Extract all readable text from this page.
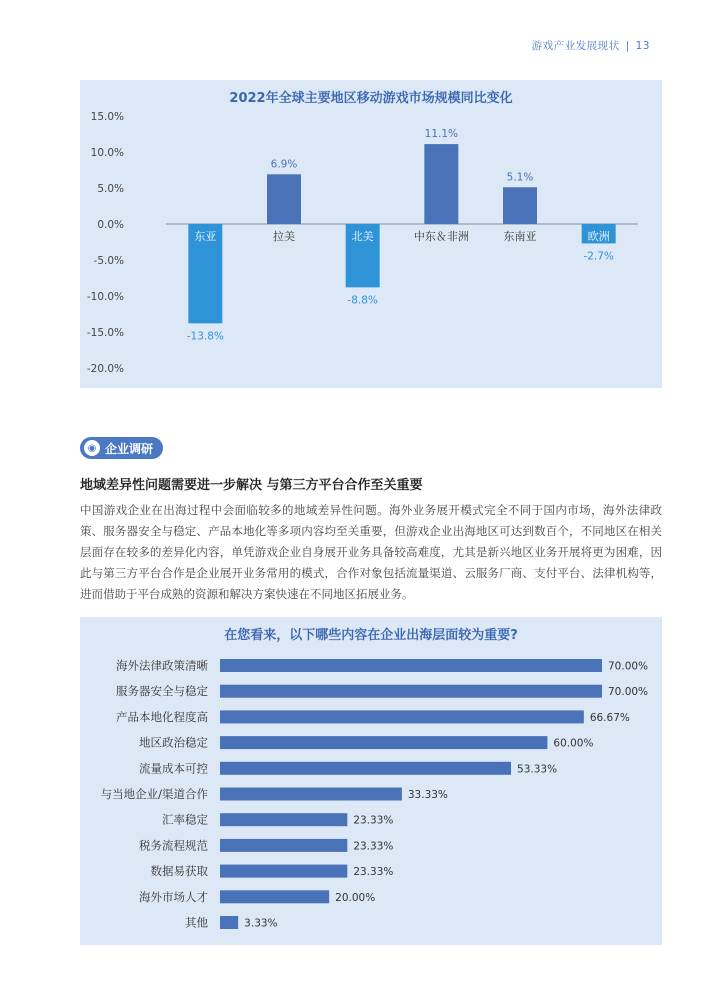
游戏产业发展现状 | 13
2022年全球主要地区移动游戏市场规模同比变化
15.0%
10.0%
5.0%
0.0%
-5.0%
-10.0%
-15.0%
-20.0%
东亚
-13.8%
拉美
6.9%
北美
-8.8%
中东＆非洲
11.1%
东南亚
5.1%
欧洲
-2.7%
◉ 企业调研
地域差异性问题需要进一步解决 与第三方平台合作至关重要

中国游戏企业在出海过程中会面临较多的地域差异性问题。海外业务展开模式完全不同于国内市场，海外法律政策、服务器安全与稳定、产品本地化等多项内容均至关重要，但游戏企业出海地区可达到数百个，不同地区在相关层面存在较多的差异化内容，单凭游戏企业自身展开业务具备较高难度，尤其是新兴地区业务开展将更为困难，因此与第三方平台合作是企业展开业务常用的模式，合作对象包括流量渠道、云服务厂商、支付平台、法律机构等，进而借助于平台成熟的资源和解决方案快速在不同地区拓展业务。

在您看来，以下哪些内容在企业出海层面较为重要?
海外法律政策清晰	70.00%
服务器安全与稳定	70.00%
产品本地化程度高	66.67%
地区政治稳定	60.00%
流量成本可控	53.33%
与当地企业/渠道合作	33.33%
汇率稳定	23.33%
税务流程规范	23.33%
数据易获取	23.33%
海外市场人才	20.00%
其他	3.33%
